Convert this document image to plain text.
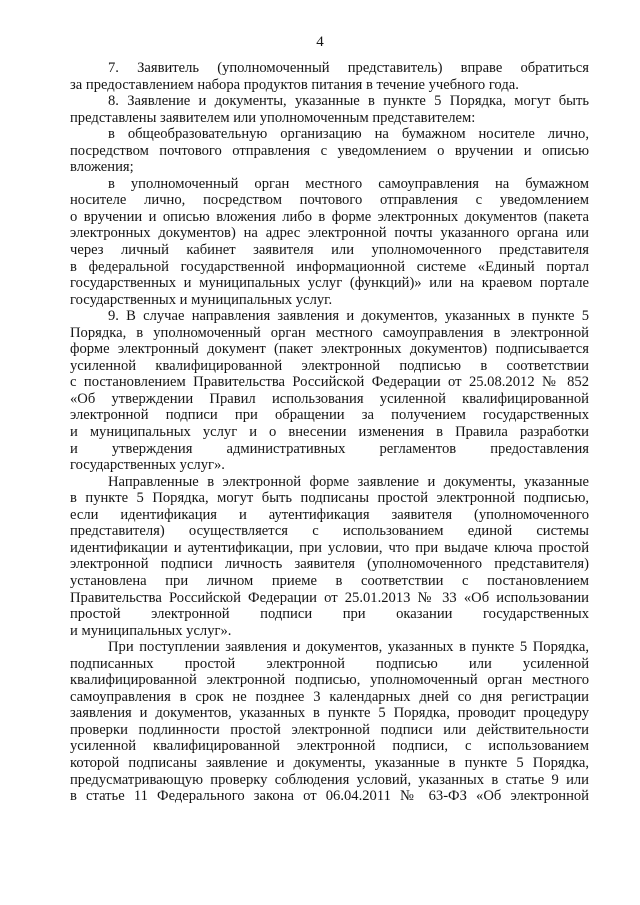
4
7. Заявитель (уполномоченный представитель) вправе обратиться
за предоставлением набора продуктов питания в течение учебного года.
8. Заявление и документы, указанные в пункте 5 Порядка, могут быть
представлены заявителем или уполномоченным представителем:
в общеобразовательную организацию на бумажном носителе лично,
посредством почтового отправления с уведомлением о вручении и описью
вложения;
в уполномоченный орган местного самоуправления на бумажном
носителе лично, посредством почтового отправления с уведомлением
о вручении и описью вложения либо в форме электронных документов (пакета
электронных документов) на адрес электронной почты указанного органа или
через личный кабинет заявителя или уполномоченного представителя
в федеральной государственной информационной системе «Единый портал
государственных и муниципальных услуг (функций)» или на краевом портале
государственных и муниципальных услуг.
9. В случае направления заявления и документов, указанных в пункте 5
Порядка, в уполномоченный орган местного самоуправления в электронной
форме электронный документ (пакет электронных документов) подписывается
усиленной квалифицированной электронной подписью в соответствии
с постановлением Правительства Российской Федерации от 25.08.2012 № 852
«Об утверждении Правил использования усиленной квалифицированной
электронной подписи при обращении за получением государственных
и муниципальных услуг и о внесении изменения в Правила разработки
и утверждения административных регламентов предоставления
государственных услуг».
Направленные в электронной форме заявление и документы, указанные
в пункте 5 Порядка, могут быть подписаны простой электронной подписью,
если идентификация и аутентификация заявителя (уполномоченного
представителя) осуществляется с использованием единой системы
идентификации и аутентификации, при условии, что при выдаче ключа простой
электронной подписи личность заявителя (уполномоченного представителя)
установлена при личном приеме в соответствии с постановлением
Правительства Российской Федерации от 25.01.2013 № 33 «Об использовании
простой электронной подписи при оказании государственных
и муниципальных услуг».
При поступлении заявления и документов, указанных в пункте 5 Порядка,
подписанных простой электронной подписью или усиленной
квалифицированной электронной подписью, уполномоченный орган местного
самоуправления в срок не позднее 3 календарных дней со дня регистрации
заявления и документов, указанных в пункте 5 Порядка, проводит процедуру
проверки подлинности простой электронной подписи или действительности
усиленной квалифицированной электронной подписи, с использованием
которой подписаны заявление и документы, указанные в пункте 5 Порядка,
предусматривающую проверку соблюдения условий, указанных в статье 9 или
в статье 11 Федерального закона от 06.04.2011 № 63-ФЗ «Об электронной
